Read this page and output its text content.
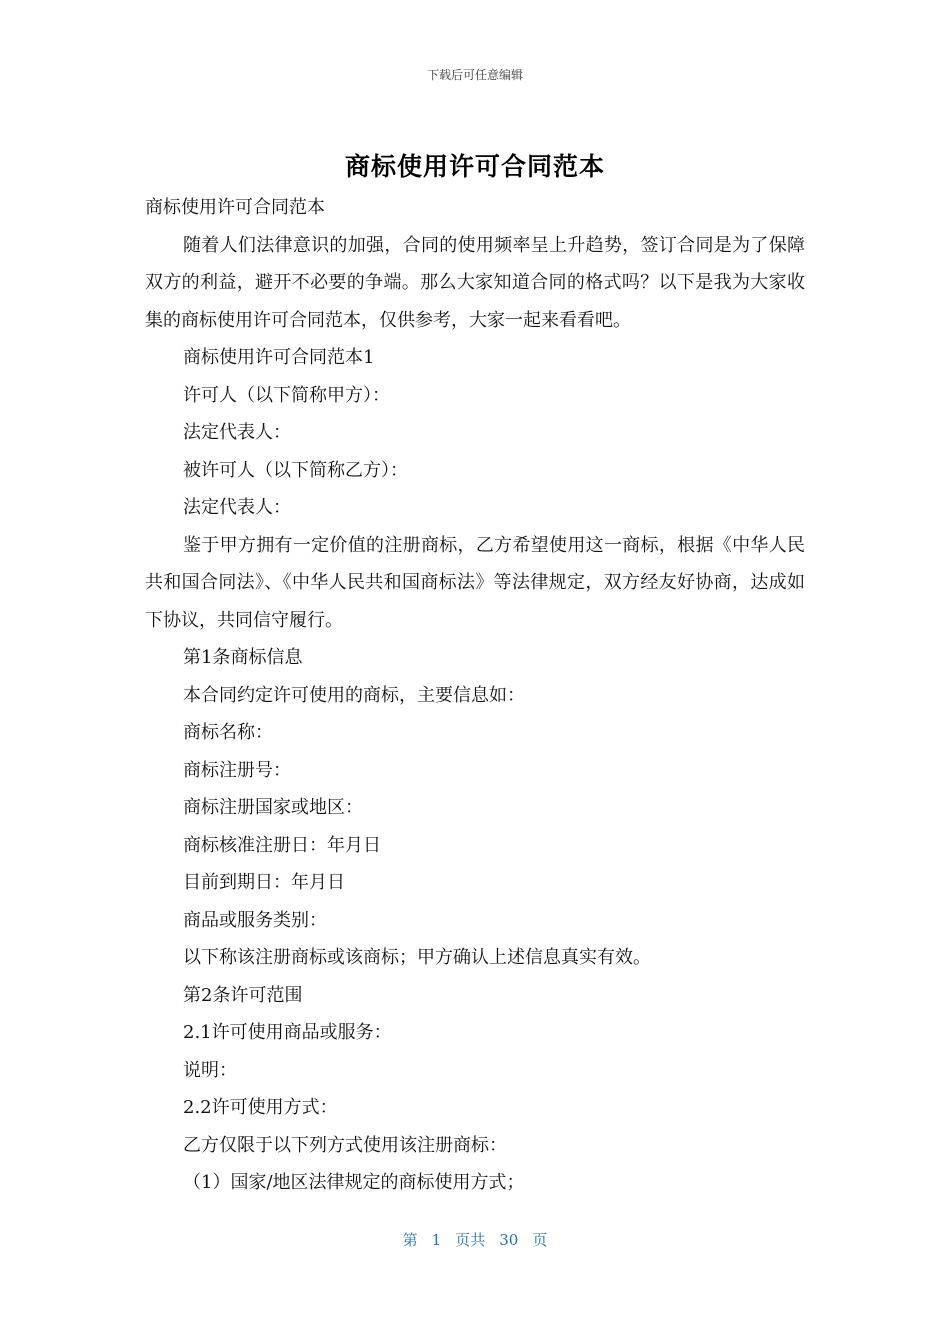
下载后可任意编辑
商标使用许可合同范本

商标使用许可合同范本

随着人们法律意识的加强，合同的使用频率呈上升趋势，签订合同是为了保障双方的利益，避开不必要的争端。那么大家知道合同的格式吗？以下是我为大家收集的商标使用许可合同范本，仅供参考，大家一起来看看吧。

商标使用许可合同范本1

许可人（以下简称甲方）：

法定代表人：

被许可人（以下简称乙方）：

法定代表人：

鉴于甲方拥有一定价值的注册商标，乙方希望使用这一商标，根据《中华人民共和国合同法》、《中华人民共和国商标法》等法律规定，双方经友好协商，达成如下协议，共同信守履行。

第1条商标信息

本合同约定许可使用的商标，主要信息如：

商标名称：

商标注册号：

商标注册国家或地区：

商标核准注册日：年月日

目前到期日：年月日

商品或服务类别：

以下称该注册商标或该商标；甲方确认上述信息真实有效。

第2条许可范围

2.1许可使用商品或服务：

说明：

2.2许可使用方式：

乙方仅限于以下列方式使用该注册商标：

（1）国家/地区法律规定的商标使用方式；

第 1 页共 30 页
